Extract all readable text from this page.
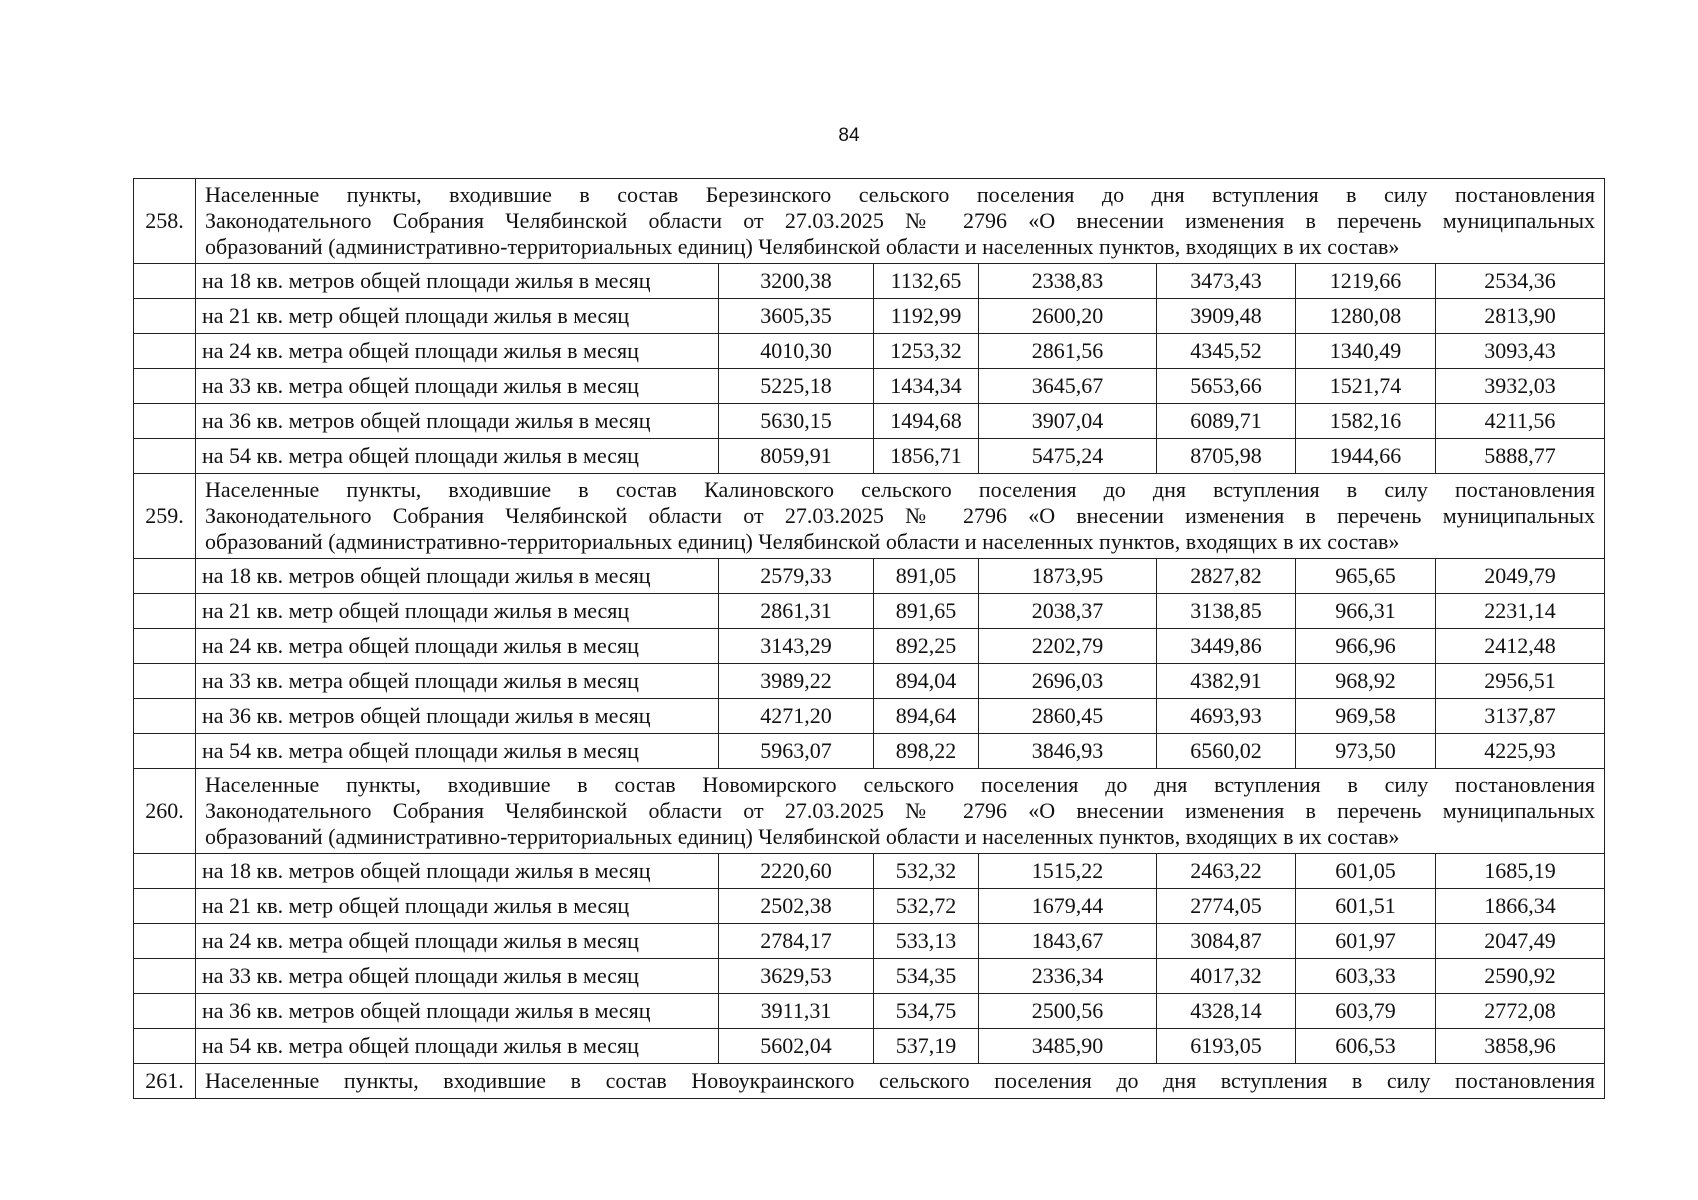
84
258.	Населенные пункты, входившие в состав Березинского сельского поселения до дня вступления в силу постановления
Законодательного Собрания Челябинской области от 27.03.2025 № 2796 «О внесении изменения в перечень муниципальных
образований (административно-территориальных единиц) Челябинской области и населенных пунктов, входящих в их состав»						

	на 18 кв. метров общей площади жилья в месяц	3200,38	1132,65	2338,83	3473,43	1219,66	2534,36
	на 21 кв. метр общей площади жилья в месяц	3605,35	1192,99	2600,20	3909,48	1280,08	2813,90
	на 24 кв. метра общей площади жилья в месяц	4010,30	1253,32	2861,56	4345,52	1340,49	3093,43
	на 33 кв. метра общей площади жилья в месяц	5225,18	1434,34	3645,67	5653,66	1521,74	3932,03
	на 36 кв. метров общей площади жилья в месяц	5630,15	1494,68	3907,04	6089,71	1582,16	4211,56
	на 54 кв. метра общей площади жилья в месяц	8059,91	1856,71	5475,24	8705,98	1944,66	5888,77
259.	Населенные пункты, входившие в состав Калиновского сельского поселения до дня вступления в силу постановления
Законодательного Собрания Челябинской области от 27.03.2025 № 2796 «О внесении изменения в перечень муниципальных
образований (административно-территориальных единиц) Челябинской области и населенных пунктов, входящих в их состав»						

	на 18 кв. метров общей площади жилья в месяц	2579,33	891,05	1873,95	2827,82	965,65	2049,79
	на 21 кв. метр общей площади жилья в месяц	2861,31	891,65	2038,37	3138,85	966,31	2231,14
	на 24 кв. метра общей площади жилья в месяц	3143,29	892,25	2202,79	3449,86	966,96	2412,48
	на 33 кв. метра общей площади жилья в месяц	3989,22	894,04	2696,03	4382,91	968,92	2956,51
	на 36 кв. метров общей площади жилья в месяц	4271,20	894,64	2860,45	4693,93	969,58	3137,87
	на 54 кв. метра общей площади жилья в месяц	5963,07	898,22	3846,93	6560,02	973,50	4225,93
260.	Населенные пункты, входившие в состав Новомирского сельского поселения до дня вступления в силу постановления
Законодательного Собрания Челябинской области от 27.03.2025 № 2796 «О внесении изменения в перечень муниципальных
образований (административно-территориальных единиц) Челябинской области и населенных пунктов, входящих в их состав»						

	на 18 кв. метров общей площади жилья в месяц	2220,60	532,32	1515,22	2463,22	601,05	1685,19
	на 21 кв. метр общей площади жилья в месяц	2502,38	532,72	1679,44	2774,05	601,51	1866,34
	на 24 кв. метра общей площади жилья в месяц	2784,17	533,13	1843,67	3084,87	601,97	2047,49
	на 33 кв. метра общей площади жилья в месяц	3629,53	534,35	2336,34	4017,32	603,33	2590,92
	на 36 кв. метров общей площади жилья в месяц	3911,31	534,75	2500,56	4328,14	603,79	2772,08
	на 54 кв. метра общей площади жилья в месяц	5602,04	537,19	3485,90	6193,05	606,53	3858,96
261.	Населенные пункты, входившие в состав Новоукраинского сельского поселения до дня вступления в силу постановления						
